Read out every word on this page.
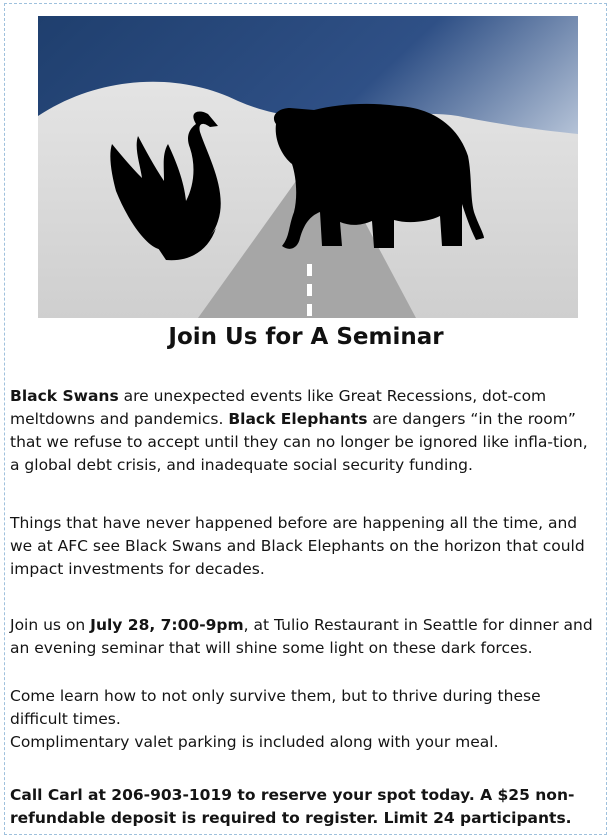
Join Us for A Seminar

Black Swans are unexpected events like Great Recessions, dot-com meltdowns and pandemics. Black Elephants are dangers “in the room” that we refuse to accept until they can no longer be ignored like infla-tion, a global debt crisis, and inadequate social security funding.

Things that have never happened before are happening all the time, and we at AFC see Black Swans and Black Elephants on the horizon that could impact investments for decades.

Join us on July 28, 7:00-9pm, at Tulio Restaurant in Seattle for dinner and an evening seminar that will shine some light on these dark forces.

Come learn how to not only survive them, but to thrive during these difficult times.
Complimentary valet parking is included along with your meal.

Call Carl at 206-903-1019 to reserve your spot today. A $25 non-refundable deposit is required to register. Limit 24 participants.
